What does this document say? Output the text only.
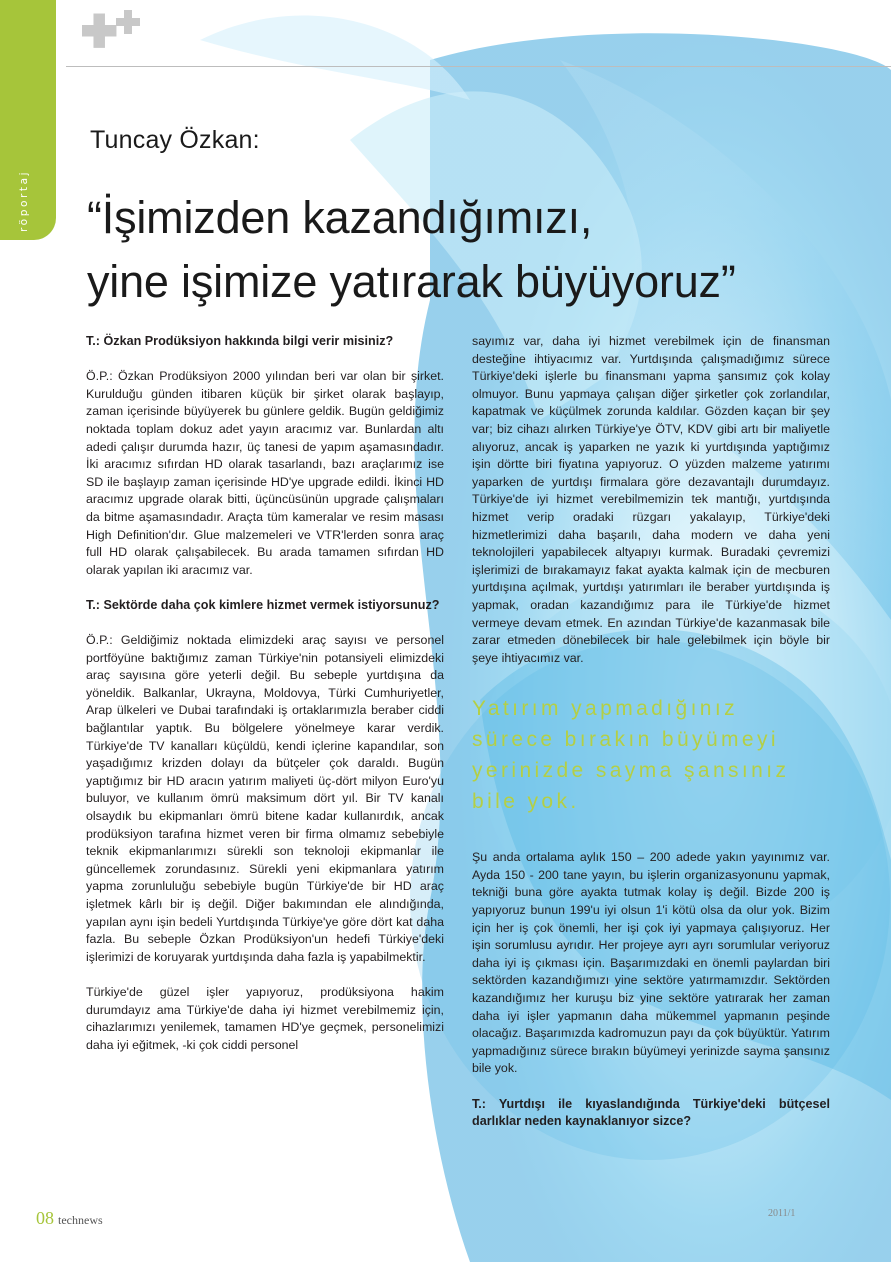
röportaj
Tuncay Özkan:
“İşimizden kazandığımızı,
yine işimize yatırarak büyüyoruz”

T.: Özkan Prodüksiyon hakkında bilgi verir misiniz?

Ö.P.: Özkan Prodüksiyon 2000 yılından beri var olan bir şirket. Kurulduğu günden itibaren küçük bir şirket olarak başlayıp, zaman içerisinde büyüyerek bu günlere geldik. Bugün geldiğimiz noktada toplam dokuz adet yayın aracımız var. Bunlardan altı adedi çalışır durumda hazır, üç tanesi de yapım aşamasındadır. İki aracımız sıfırdan HD olarak tasarlandı, bazı araçlarımız ise SD ile başlayıp zaman içerisinde HD'ye upgrade edildi. İkinci HD aracımız upgrade olarak bitti, üçüncüsünün upgrade çalışmaları da bitme aşamasındadır. Araçta tüm kameralar ve resim masası High Definition'dır. Glue malzemeleri ve VTR'lerden sonra araç full HD olarak çalışabilecek. Bu arada tamamen sıfırdan HD olarak yapılan iki aracımız var.

T.: Sektörde daha çok kimlere hizmet vermek istiyorsunuz?

Ö.P.: Geldiğimiz noktada elimizdeki araç sayısı ve personel portföyüne baktığımız zaman Türkiye'nin potansiyeli elimizdeki araç sayısına göre yeterli değil. Bu sebeple yurtdışına da yöneldik. Balkanlar, Ukrayna, Moldovya, Türki Cumhuriyetler, Arap ülkeleri ve Dubai tarafındaki iş ortaklarımızla beraber ciddi bağlantılar yaptık. Bu bölgelere yönelmeye karar verdik. Türkiye'de TV kanalları küçüldü, kendi içlerine kapandılar, son yaşadığımız krizden dolayı da bütçeler çok daraldı. Bugün yaptığımız bir HD aracın yatırım maliyeti üç-dört milyon Euro'yu buluyor, ve kullanım ömrü maksimum dört yıl. Bir TV kanalı olsaydık bu ekipmanları ömrü bitene kadar kullanırdık, ancak prodüksiyon tarafına hizmet veren bir firma olmamız sebebiyle teknik ekipmanlarımızı sürekli son teknoloji ekipmanlar ile güncellemek zorundasınız. Sürekli yeni ekipmanlara yatırım yapma zorunluluğu sebebiyle bugün Türkiye'de bir HD araç işletmek kârlı bir iş değil. Diğer bakımından ele alındığında, yapılan aynı işin bedeli Yurtdışında Türkiye'ye göre dört kat daha fazla. Bu sebeple Özkan Prodüksiyon'un hedefi Türkiye'deki işlerimizi de koruyarak yurtdışında daha fazla iş yapabilmektir.

Türkiye'de güzel işler yapıyoruz, prodüksiyona hakim durumdayız ama Türkiye'de daha iyi hizmet verebilmemiz için, cihazlarımızı yenilemek, tamamen HD'ye geçmek, personelimizi daha iyi eğitmek, -ki çok ciddi personel

sayımız var, daha iyi hizmet verebilmek için de finansman desteğine ihtiyacımız var. Yurtdışında çalışmadığımız sürece Türkiye'deki işlerle bu finansmanı yapma şansımız çok kolay olmuyor. Bunu yapmaya çalışan diğer şirketler çok zorlandılar, kapatmak ve küçülmek zorunda kaldılar. Gözden kaçan bir şey var; biz cihazı alırken Türkiye'ye ÖTV, KDV gibi artı bir maliyetle alıyoruz, ancak iş yaparken ne yazık ki yurtdışında yaptığımız işin dörtte biri fiyatına yapıyoruz. O yüzden malzeme yatırımı yaparken de yurtdışı firmalara göre dezavantajlı durumdayız. Türkiye'de iyi hizmet verebilmemizin tek mantığı, yurtdışında hizmet verip oradaki rüzgarı yakalayıp, Türkiye'deki hizmetlerimizi daha başarılı, daha modern ve daha yeni teknolojileri yapabilecek altyapıyı kurmak. Buradaki çevremizi işlerimizi de bırakamayız fakat ayakta kalmak için de mecburen yurtdışına açılmak, yurtdışı yatırımları ile beraber yurtdışında iş yapmak, oradan kazandığımız para ile Türkiye'de hizmet vermeye devam etmek. En azından Türkiye'de kazanmasak bile zarar etmeden dönebilecek bir hale gelebilmek için böyle bir şeye ihtiyacımız var.

Yatırım yapmadığınız sürece bırakın büyümeyi yerinizde sayma şansınız bile yok.

Şu anda ortalama aylık 150 – 200 adede yakın yayınımız var. Ayda 150 - 200 tane yayın, bu işlerin organizasyonunu yapmak, tekniği buna göre ayakta tutmak kolay iş değil. Bizde 200 iş yapıyoruz bunun 199'u iyi olsun 1'i kötü olsa da olur yok. Bizim için her iş çok önemli, her işi çok iyi yapmaya çalışıyoruz. Her işin sorumlusu ayrıdır. Her projeye ayrı ayrı sorumlular veriyoruz daha iyi iş çıkması için. Başarımızdaki en önemli paylardan biri sektörden kazandığımızı yine sektöre yatırmamızdır. Sektörden kazandığımız her kuruşu biz yine sektöre yatırarak her zaman daha iyi işler yapmanın daha mükemmel yapmanın peşinde olacağız. Başarımızda kadromuzun payı da çok büyüktür. Yatırım yapmadığınız sürece bırakın büyümeyi yerinizde sayma şansınız bile yok.

T.: Yurtdışı ile kıyaslandığında Türkiye'deki bütçesel darlıklar neden kaynaklanıyor sizce?

08 technews	2011/1
